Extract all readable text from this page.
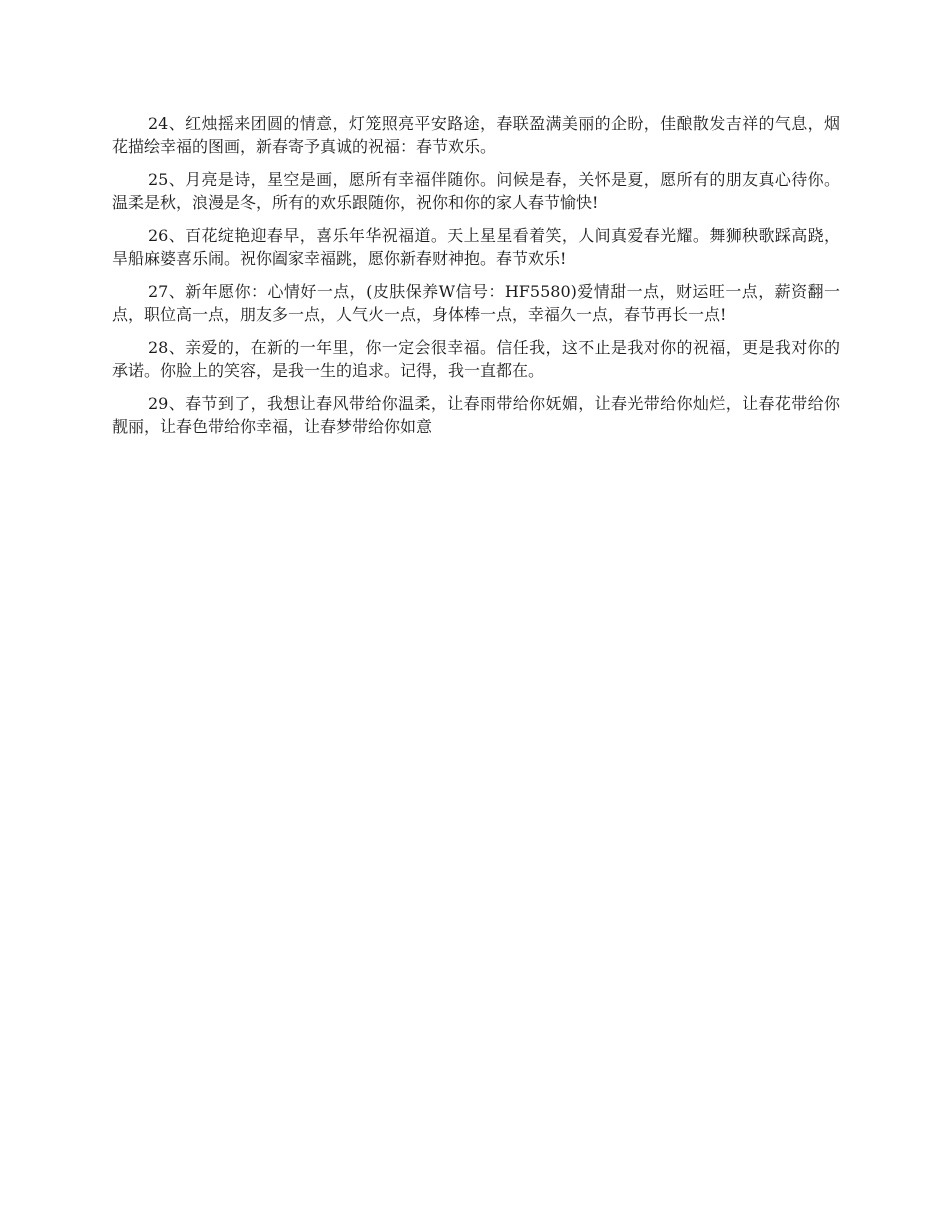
24、红烛摇来团圆的情意，灯笼照亮平安路途，春联盈满美丽的企盼，佳酿散发吉祥的气息，烟花描绘幸福的图画，新春寄予真诚的祝福：春节欢乐。

25、月亮是诗，星空是画，愿所有幸福伴随你。问候是春，关怀是夏，愿所有的朋友真心待你。温柔是秋，浪漫是冬，所有的欢乐跟随你，祝你和你的家人春节愉快!

26、百花绽艳迎春早，喜乐年华祝福道。天上星星看着笑，人间真爱春光耀。舞狮秧歌踩高跷，旱船麻婆喜乐闹。祝你阖家幸福跳，愿你新春财神抱。春节欢乐!

27、新年愿你：心情好一点，(皮肤保养W信号：HF5580)爱情甜一点，财运旺一点，薪资翻一点，职位高一点，朋友多一点，人气火一点，身体棒一点，幸福久一点，春节再长一点!

28、亲爱的，在新的一年里，你一定会很幸福。信任我，这不止是我对你的祝福，更是我对你的承诺。你脸上的笑容，是我一生的追求。记得，我一直都在。

29、春节到了，我想让春风带给你温柔，让春雨带给你妩媚，让春光带给你灿烂，让春花带给你靓丽，让春色带给你幸福，让春梦带给你如意
